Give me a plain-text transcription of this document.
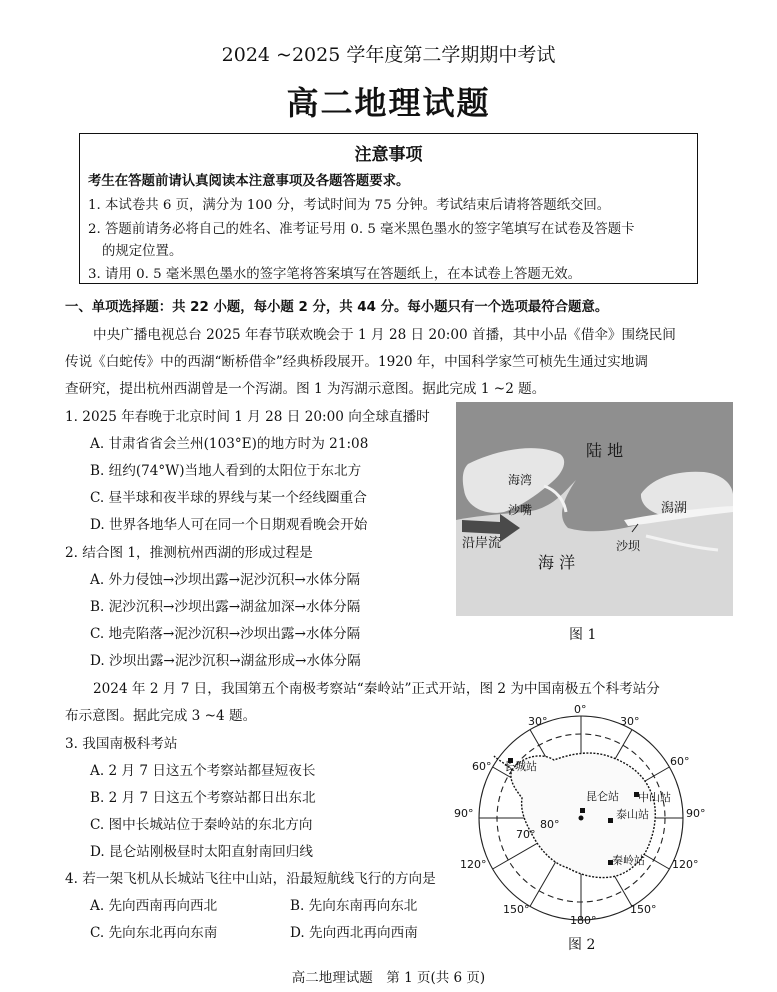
2024 ~2025 学年度第二学期期中考试
高二地理试题
注意事项
考生在答题前请认真阅读本注意事项及各题答题要求。
1. 本试卷共 6 页，满分为 100 分，考试时间为 75 分钟。考试结束后请将答题纸交回。
2. 答题前请务必将自己的姓名、准考证号用 0. 5 毫米黑色墨水的签字笔填写在试卷及答题卡
的规定位置。
3. 请用 0. 5 毫米黑色墨水的签字笔将答案填写在答题纸上，在本试卷上答题无效。
一、单项选择题：共 22 小题，每小题 2 分，共 44 分。每小题只有一个选项最符合题意。
中央广播电视总台 2025 年春节联欢晚会于 1 月 28 日 20:00 首播，其中小品《借伞》围绕民间
传说《白蛇传》中的西湖“断桥借伞”经典桥段展开。1920 年，中国科学家竺可桢先生通过实地调
查研究，提出杭州西湖曾是一个泻湖。图 1 为泻湖示意图。据此完成 1 ~2 题。
1. 2025 年春晚于北京时间 1 月 28 日 20:00 向全球直播时
A. 甘肃省省会兰州(103°E)的地方时为 21:08
B. 纽约(74°W)当地人看到的太阳位于东北方
C. 昼半球和夜半球的界线与某一个经线圈重合
D. 世界各地华人可在同一个日期观看晚会开始
2. 结合图 1，推测杭州西湖的形成过程是
A. 外力侵蚀→沙坝出露→泥沙沉积→水体分隔
B. 泥沙沉积→沙坝出露→湖盆加深→水体分隔
C. 地壳陷落→泥沙沉积→沙坝出露→水体分隔
D. 沙坝出露→泥沙沉积→湖盆形成→水体分隔
陆 地
海湾
沙嘴	潟湖
沿岸流
海 洋
沙坝
图 1
2024 年 2 月 7 日，我国第五个南极考察站“秦岭站”正式开站，图 2 为中国南极五个科考站分
布示意图。据此完成 3 ~4 题。
3. 我国南极科考站
A. 2 月 7 日这五个考察站都昼短夜长
B. 2 月 7 日这五个考察站都日出东北
C. 图中长城站位于秦岭站的东北方向
D. 昆仑站刚极昼时太阳直射南回归线
4. 若一架飞机从长城站飞往中山站，沿最短航线飞行的方向是
A. 先向西南再向西北	B. 先向东南再向东北
C. 先向东北再向东南	D. 先向西北再向西南
0°
30°	30°
60°	60°
90°	90°
120°	120°
150°	150°
180°
80°
70°
长城站
昆仑站 中山站
泰山站
秦岭站
图 2
高二地理试题　第 1 页(共 6 页)
